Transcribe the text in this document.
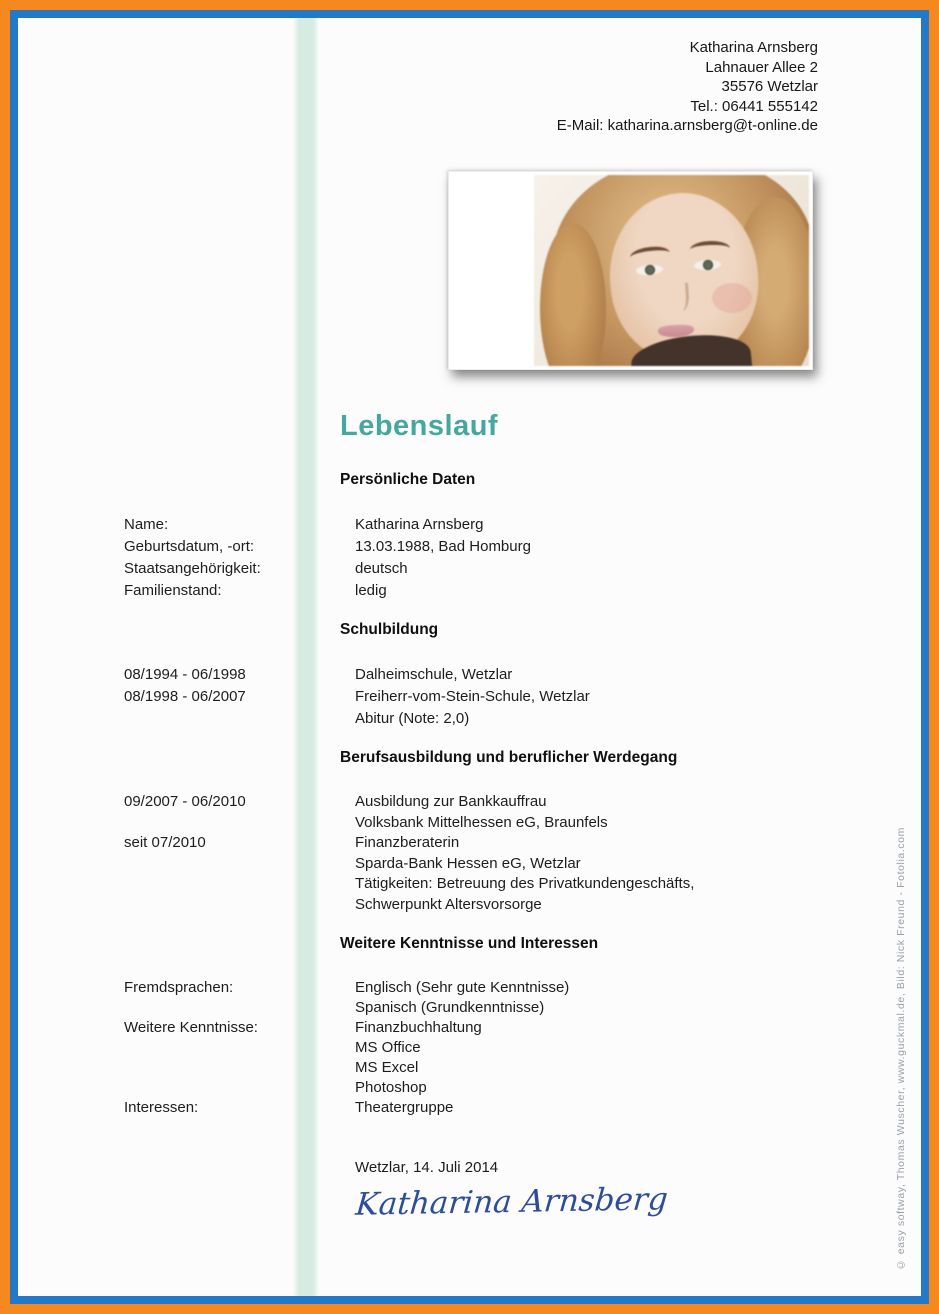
Katharina Arnsberg
Lahnauer Allee 2
35576 Wetzlar
Tel.: 06441 555142
E-Mail: katharina.arnsberg@t-online.de
Lebenslauf
Persönliche Daten
Name:	Katharina Arnsberg
Geburtsdatum, -ort:	13.03.1988, Bad Homburg
Staatsangehörigkeit:	deutsch
Familienstand:	ledig
Schulbildung
08/1994 - 06/1998	Dalheimschule, Wetzlar
08/1998 - 06/2007	Freiherr-vom-Stein-Schule, Wetzlar
Abitur (Note: 2,0)
Berufsausbildung und beruflicher Werdegang
09/2007 - 06/2010	Ausbildung zur Bankkauffrau
Volksbank Mittelhessen eG, Braunfels
seit 07/2010	Finanzberaterin
Sparda-Bank Hessen eG, Wetzlar
Tätigkeiten: Betreuung des Privatkundengeschäfts,
Schwerpunkt Altersvorsorge
Weitere Kenntnisse und Interessen
Fremdsprachen:	Englisch (Sehr gute Kenntnisse)
Spanisch (Grundkenntnisse)
Weitere Kenntnisse:	Finanzbuchhaltung
MS Office
MS Excel
Photoshop
Interessen:	Theatergruppe
Wetzlar, 14. Juli 2014
Katharina Arnsberg	© easy softway, Thomas Wuscher, www.guckmal.de, Bild: Nick Freund - Fotolia.com
